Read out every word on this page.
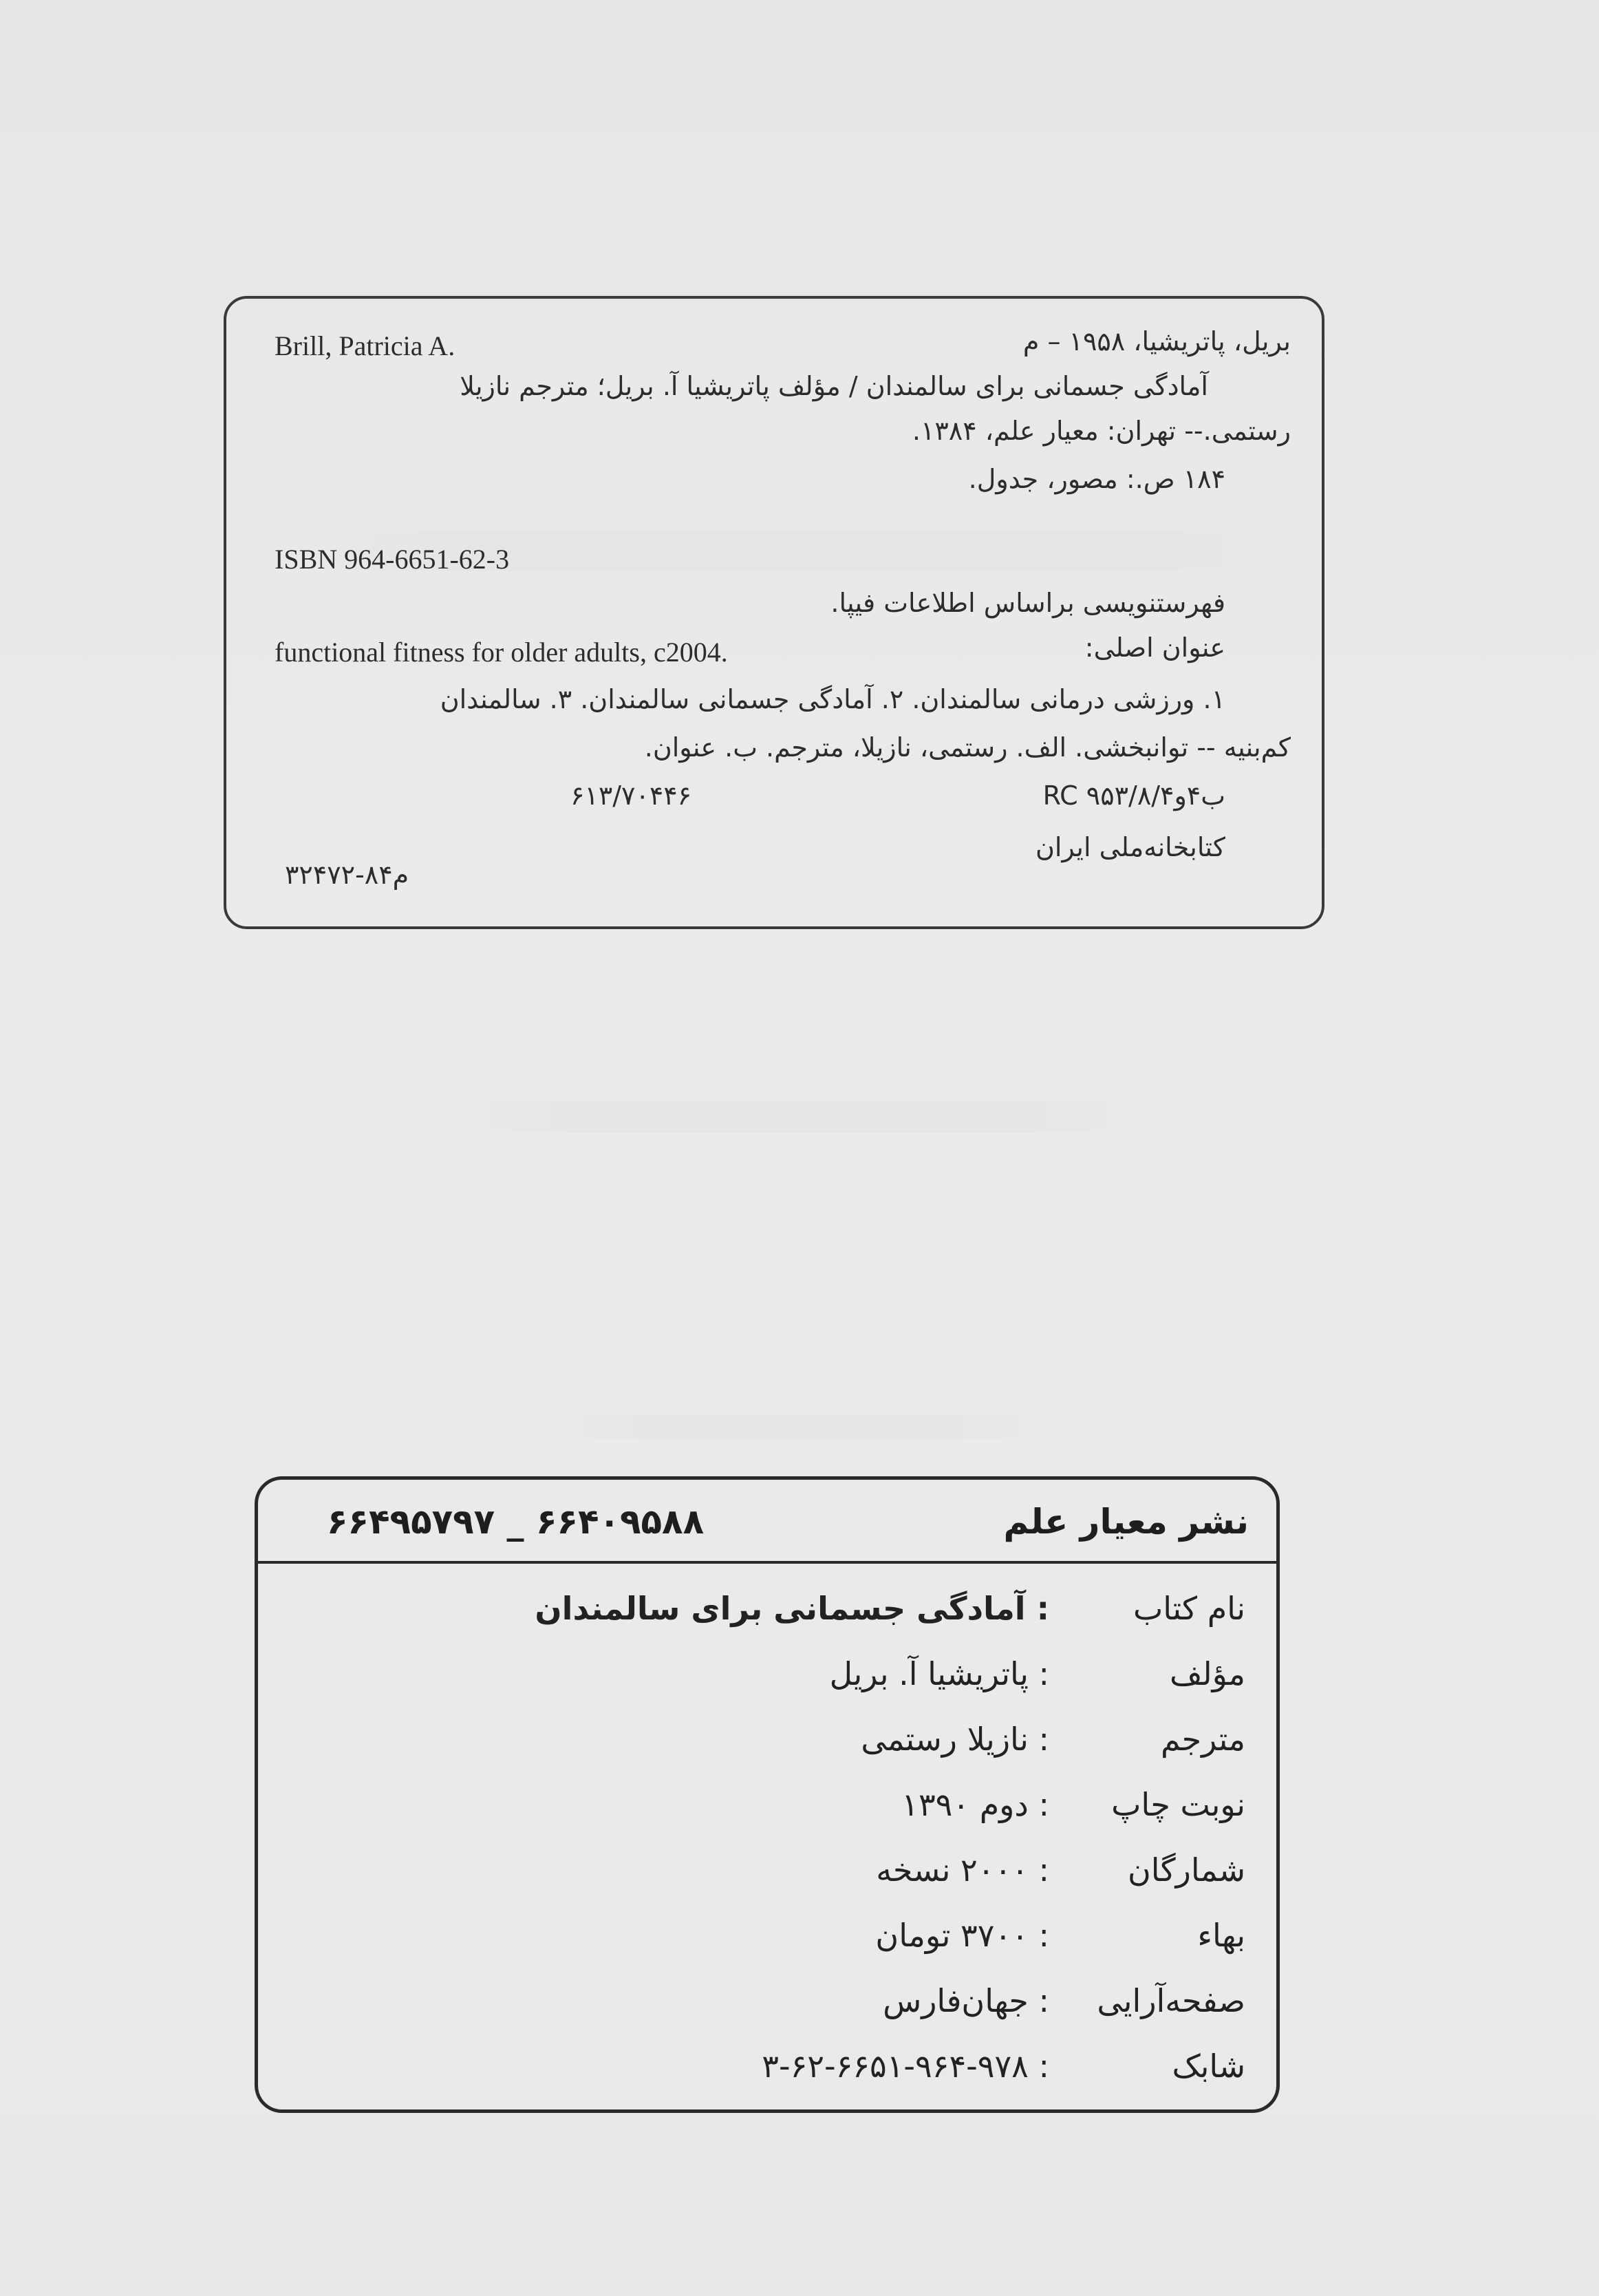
Brill, Patricia A.	بریل، پاتریشیا، ۱۹۵۸ – م
آمادگی جسمانی برای سالمندان / مؤلف پاتریشیا آ. بریل؛ مترجم نازیلا
رستمی.-- تهران: معیار علم، ۱۳۸۴.
۱۸۴ ص.: مصور، جدول.
ISBN 964-6651-62-3
فهرستنویسی براساس اطلاعات فیپا.
عنوان اصلی:
functional fitness for older adults, c2004.
۱. ورزشی درمانی سالمندان. ۲. آمادگی جسمانی سالمندان. ۳. سالمندان
کم‌بنیه -- توانبخشی. الف. رستمی، نازیلا، مترجم. ب. عنوان.
RC ۹۵۳/۸/۴ب۴و
۶۱۳/۷۰۴۴۶
کتابخانه‌ملی ایران
م۸۴-۳۲۴۷۲
نشر معیار علم
۶۶۴۹۵۷۹۷ _ ۶۶۴۰۹۵۸۸
نام کتاب
: آمادگی جسمانی برای سالمندان
مؤلف
: پاتریشیا آ. بریل
مترجم
: نازیلا رستمی
نوبت چاپ
: دوم ۱۳۹۰
شمارگان
: ۲۰۰۰ نسخه
بهاء
: ۳۷۰۰ تومان
صفحه‌آرایی
: جهان‌فارس
شابک
: ۳-۶۲-۶۶۵۱-۹۶۴-۹۷۸
